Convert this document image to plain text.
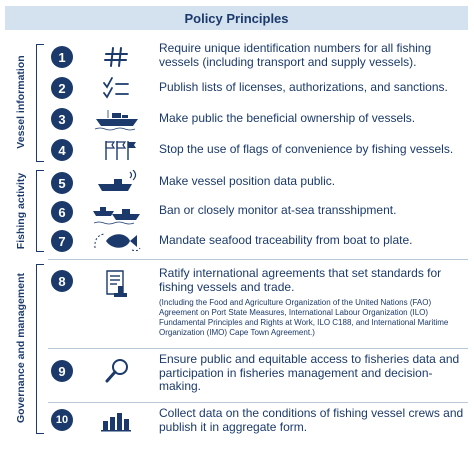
Policy Principles
Vessel information
Fishing activity
Governance and management
1
Require unique identification numbers for all fishing vessels (including transport and supply vessels).
2	Publish lists of licenses, authorizations, and sanctions.
3	Make public the beneficial ownership of vessels.
4	Stop the use of flags of convenience by fishing vessels.
5	Make vessel position data public.
6	Ban or closely monitor at-sea transshipment.
7	Mandate seafood traceability from boat to plate.
8
Ratify international agreements that set standards for fishing vessels and trade.
(Including the Food and Agriculture Organization of the United Nations (FAO) Agreement on Port State Measures, International Labour Organization (ILO) Fundamental Principles and Rights at Work, ILO C188, and International Maritime Organization (IMO) Cape Town Agreement.)
9
Ensure public and equitable access to fisheries data and participation in fisheries management and decision-making.
10	Collect data on the conditions of fishing vessel crews and publish it in aggregate form.
